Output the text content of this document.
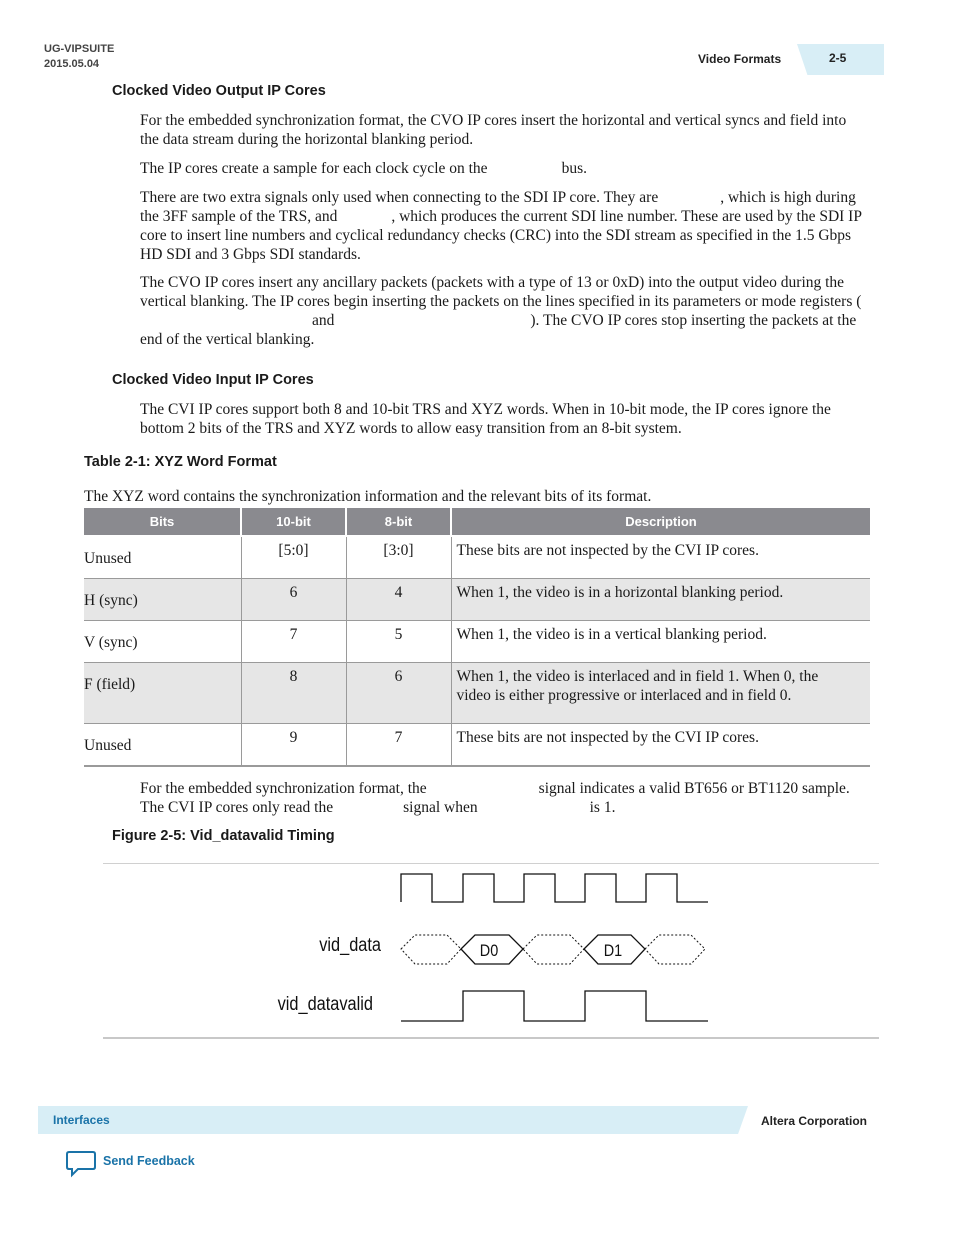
UG-VIPSUITE
2015.05.04	Video Formats	2-5
Clocked Video Output IP Cores

For the embedded synchronization format, the CVO IP cores insert the horizontal and vertical syncs and field into the data stream during the horizontal blanking period.

The IP cores create a sample for each clock cycle on the	bus.

There are two extra signals only used when connecting to the SDI IP core. They are	, which is high during the 3FF sample of the TRS, and	, which produces the current SDI line number. These are used by the SDI IP core to insert line numbers and cyclical redundancy checks (CRC) into the SDI stream as specified in the 1.5 Gbps HD SDI and 3 Gbps SDI standards.

The CVO IP cores insert any ancillary packets (packets with a type of 13 or 0xD) into the output video during the vertical blanking. The IP cores begin inserting the packets on the lines specified in its parameters or mode registers (and	). The CVO IP cores stop inserting the packets at the end of the vertical blanking.

Clocked Video Input IP Cores

The CVI IP cores support both 8 and 10-bit TRS and XYZ words. When in 10-bit mode, the IP cores ignore the bottom 2 bits of the TRS and XYZ words to allow easy transition from an 8-bit system.

Table 2-1: XYZ Word Format
The XYZ word contains the synchronization information and the relevant bits of its format.
Bits	10-bit	8-bit	Description
Unused	[5:0]	[3:0]	These bits are not inspected by the CVI IP cores.
H (sync)	6	4	When 1, the video is in a horizontal blanking period.
V (sync)	7	5	When 1, the video is in a vertical blanking period.
F (field)	8	6	When 1, the video is interlaced and in field 1. When 0, the video is either progressive or interlaced and in field 0.
Unused	9	7	These bits are not inspected by the CVI IP cores.

For the embedded synchronization format, the	signal indicates a valid BT656 or BT1120 sample. The CVI IP cores only read the	signal when	is 1.

Figure 2-5: Vid_datavalid Timing
vid_data
vid_datavalid
D0	D1
Interfaces	Altera Corporation
Send Feedback
